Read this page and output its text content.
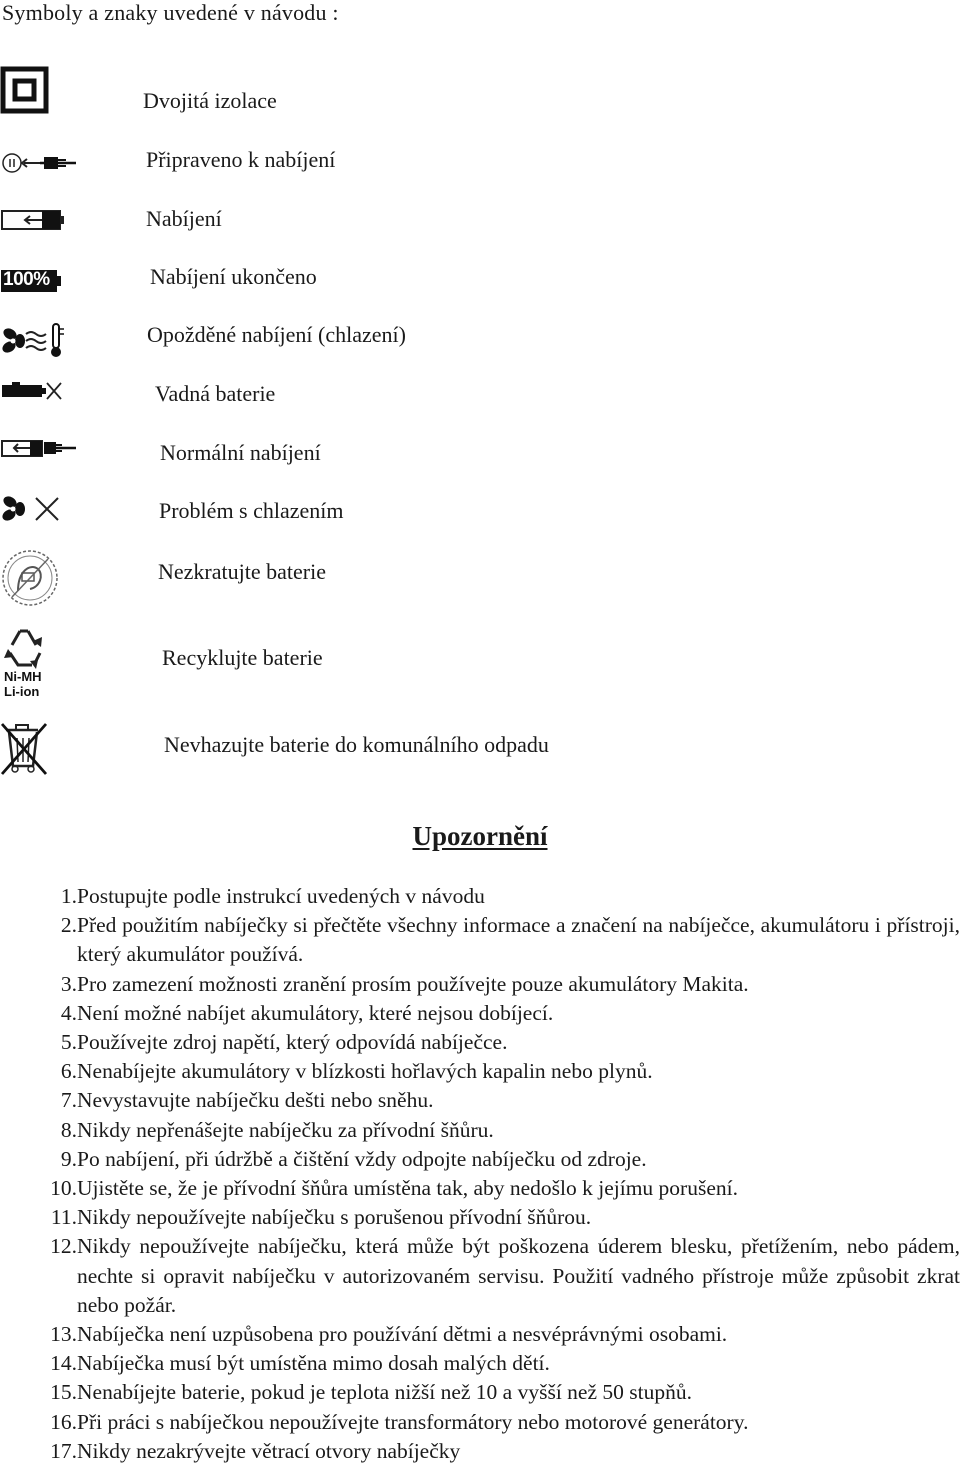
Symboly a znaky uvedené v návodu :
Dvojitá izolace
Připraveno k nabíjení
Nabíjení
100%	Nabíjení ukončeno
Opožděné nabíjení (chlazení)
Vadná baterie
Normální nabíjení
Problém s chlazením
Nezkratujte baterie
Ni-MH
Li-ion
Recyklujte baterie
Nevhazujte baterie do komunálního odpadu
Upozornění
1. Postupujte podle instrukcí uvedených v návodu
2. Před použitím nabíječky si přečtěte všechny informace a značení na nabíječce, akumulátoru i přístroji, který akumulátor používá.
3. Pro zamezení možnosti zranění prosím používejte pouze akumulátory Makita.
4. Není možné nabíjet akumulátory, které nejsou dobíjecí.
5. Používejte zdroj napětí, který odpovídá nabíječce.
6. Nenabíjejte akumulátory v blízkosti hořlavých kapalin nebo plynů.
7. Nevystavujte nabíječku dešti nebo sněhu.
8. Nikdy nepřenášejte nabíječku za přívodní šňůru.
9. Po nabíjení, při údržbě a čištění vždy odpojte nabíječku od zdroje.
10. Ujistěte se, že je přívodní šňůra umístěna tak, aby nedošlo k jejímu porušení.
11. Nikdy nepoužívejte nabíječku s porušenou přívodní šňůrou.
12. Nikdy nepoužívejte nabíječku, která může být poškozena úderem blesku, přetížením, nebo pádem, nechte si opravit nabíječku v autorizovaném servisu. Použití vadného přístroje může způsobit zkrat nebo požár.
13. Nabíječka není uzpůsobena pro používání dětmi a nesvéprávnými osobami.
14. Nabíječka musí být umístěna mimo dosah malých dětí.
15. Nenabíjejte baterie, pokud je teplota nižší než 10 a vyšší než 50 stupňů.
16. Při práci s nabíječkou nepoužívejte transformátory nebo motorové generátory.
17. Nikdy nezakrývejte větrací otvory nabíječky
